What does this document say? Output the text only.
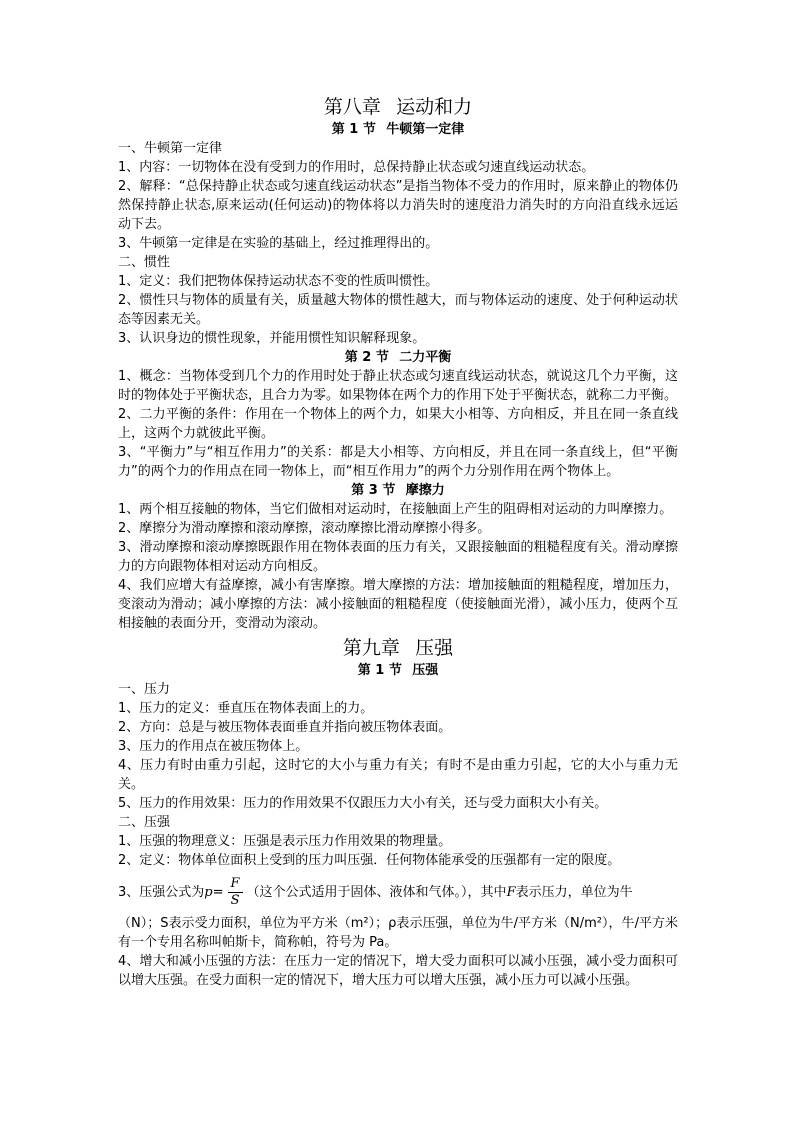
第八章 运动和力
第 1 节 牛顿第一定律
一、牛顿第一定律
1、内容：一切物体在没有受到力的作用时，总保持静止状态或匀速直线运动状态。
2、解释：“总保持静止状态或匀速直线运动状态”是指当物体不受力的作用时，原来静止的物体仍然保持静止状态,原来运动(任何运动)的物体将以力消失时的速度沿力消失时的方向沿直线永远运动下去。
3、牛顿第一定律是在实验的基础上，经过推理得出的。
二、惯性
1、定义：我们把物体保持运动状态不变的性质叫惯性。
2、惯性只与物体的质量有关，质量越大物体的惯性越大，而与物体运动的速度、处于何种运动状态等因素无关。
3、认识身边的惯性现象，并能用惯性知识解释现象。
第 2 节 二力平衡
1、概念：当物体受到几个力的作用时处于静止状态或匀速直线运动状态，就说这几个力平衡，这时的物体处于平衡状态，且合力为零。如果物体在两个力的作用下处于平衡状态，就称二力平衡。
2、二力平衡的条件：作用在一个物体上的两个力，如果大小相等、方向相反，并且在同一条直线上，这两个力就彼此平衡。
3、“平衡力”与“相互作用力”的关系：都是大小相等、方向相反，并且在同一条直线上，但“平衡力”的两个力的作用点在同一物体上，而“相互作用力”的两个力分别作用在两个物体上。
第 3 节 摩擦力
1、两个相互接触的物体，当它们做相对运动时，在接触面上产生的阻碍相对运动的力叫摩擦力。
2、摩擦分为滑动摩擦和滚动摩擦，滚动摩擦比滑动摩擦小得多。
3、滑动摩擦和滚动摩擦既跟作用在物体表面的压力有关，又跟接触面的粗糙程度有关。滑动摩擦力的方向跟物体相对运动方向相反。
4、我们应增大有益摩擦，减小有害摩擦。增大摩擦的方法：增加接触面的粗糙程度，增加压力，变滚动为滑动；减小摩擦的方法：减小接触面的粗糙程度（使接触面光滑），减小压力，使两个互相接触的表面分开，变滑动为滚动。
第九章 压强
第 1 节 压强
一、压力
1、压力的定义：垂直压在物体表面上的力。
2、方向：总是与被压物体表面垂直并指向被压物体表面。
3、压力的作用点在被压物体上。
4、压力有时由重力引起，这时它的大小与重力有关；有时不是由重力引起，它的大小与重力无关。
5、压力的作用效果：压力的作用效果不仅跟压力大小有关，还与受力面积大小有关。
二、压强
1、压强的物理意义：压强是表示压力作用效果的物理量。
2、定义：物体单位面积上受到的压力叫压强．任何物体能承受的压强都有一定的限度。
3、压强公式为 $p = \frac{F}{S}$ （这个公式适用于固体、液体和气体。），其中 F 表示压力，单位为牛
（N）；S表示受力面积，单位为平方米（m²）；ρ表示压强，单位为牛/平方米（N/m²），牛/平方米有一个专用名称叫帕斯卡，简称帕，符号为 Pa。
4、增大和减小压强的方法：在压力一定的情况下，增大受力面积可以减小压强，减小受力面积可以增大压强。在受力面积一定的情况下，增大压力可以增大压强，减小压力可以减小压强。
